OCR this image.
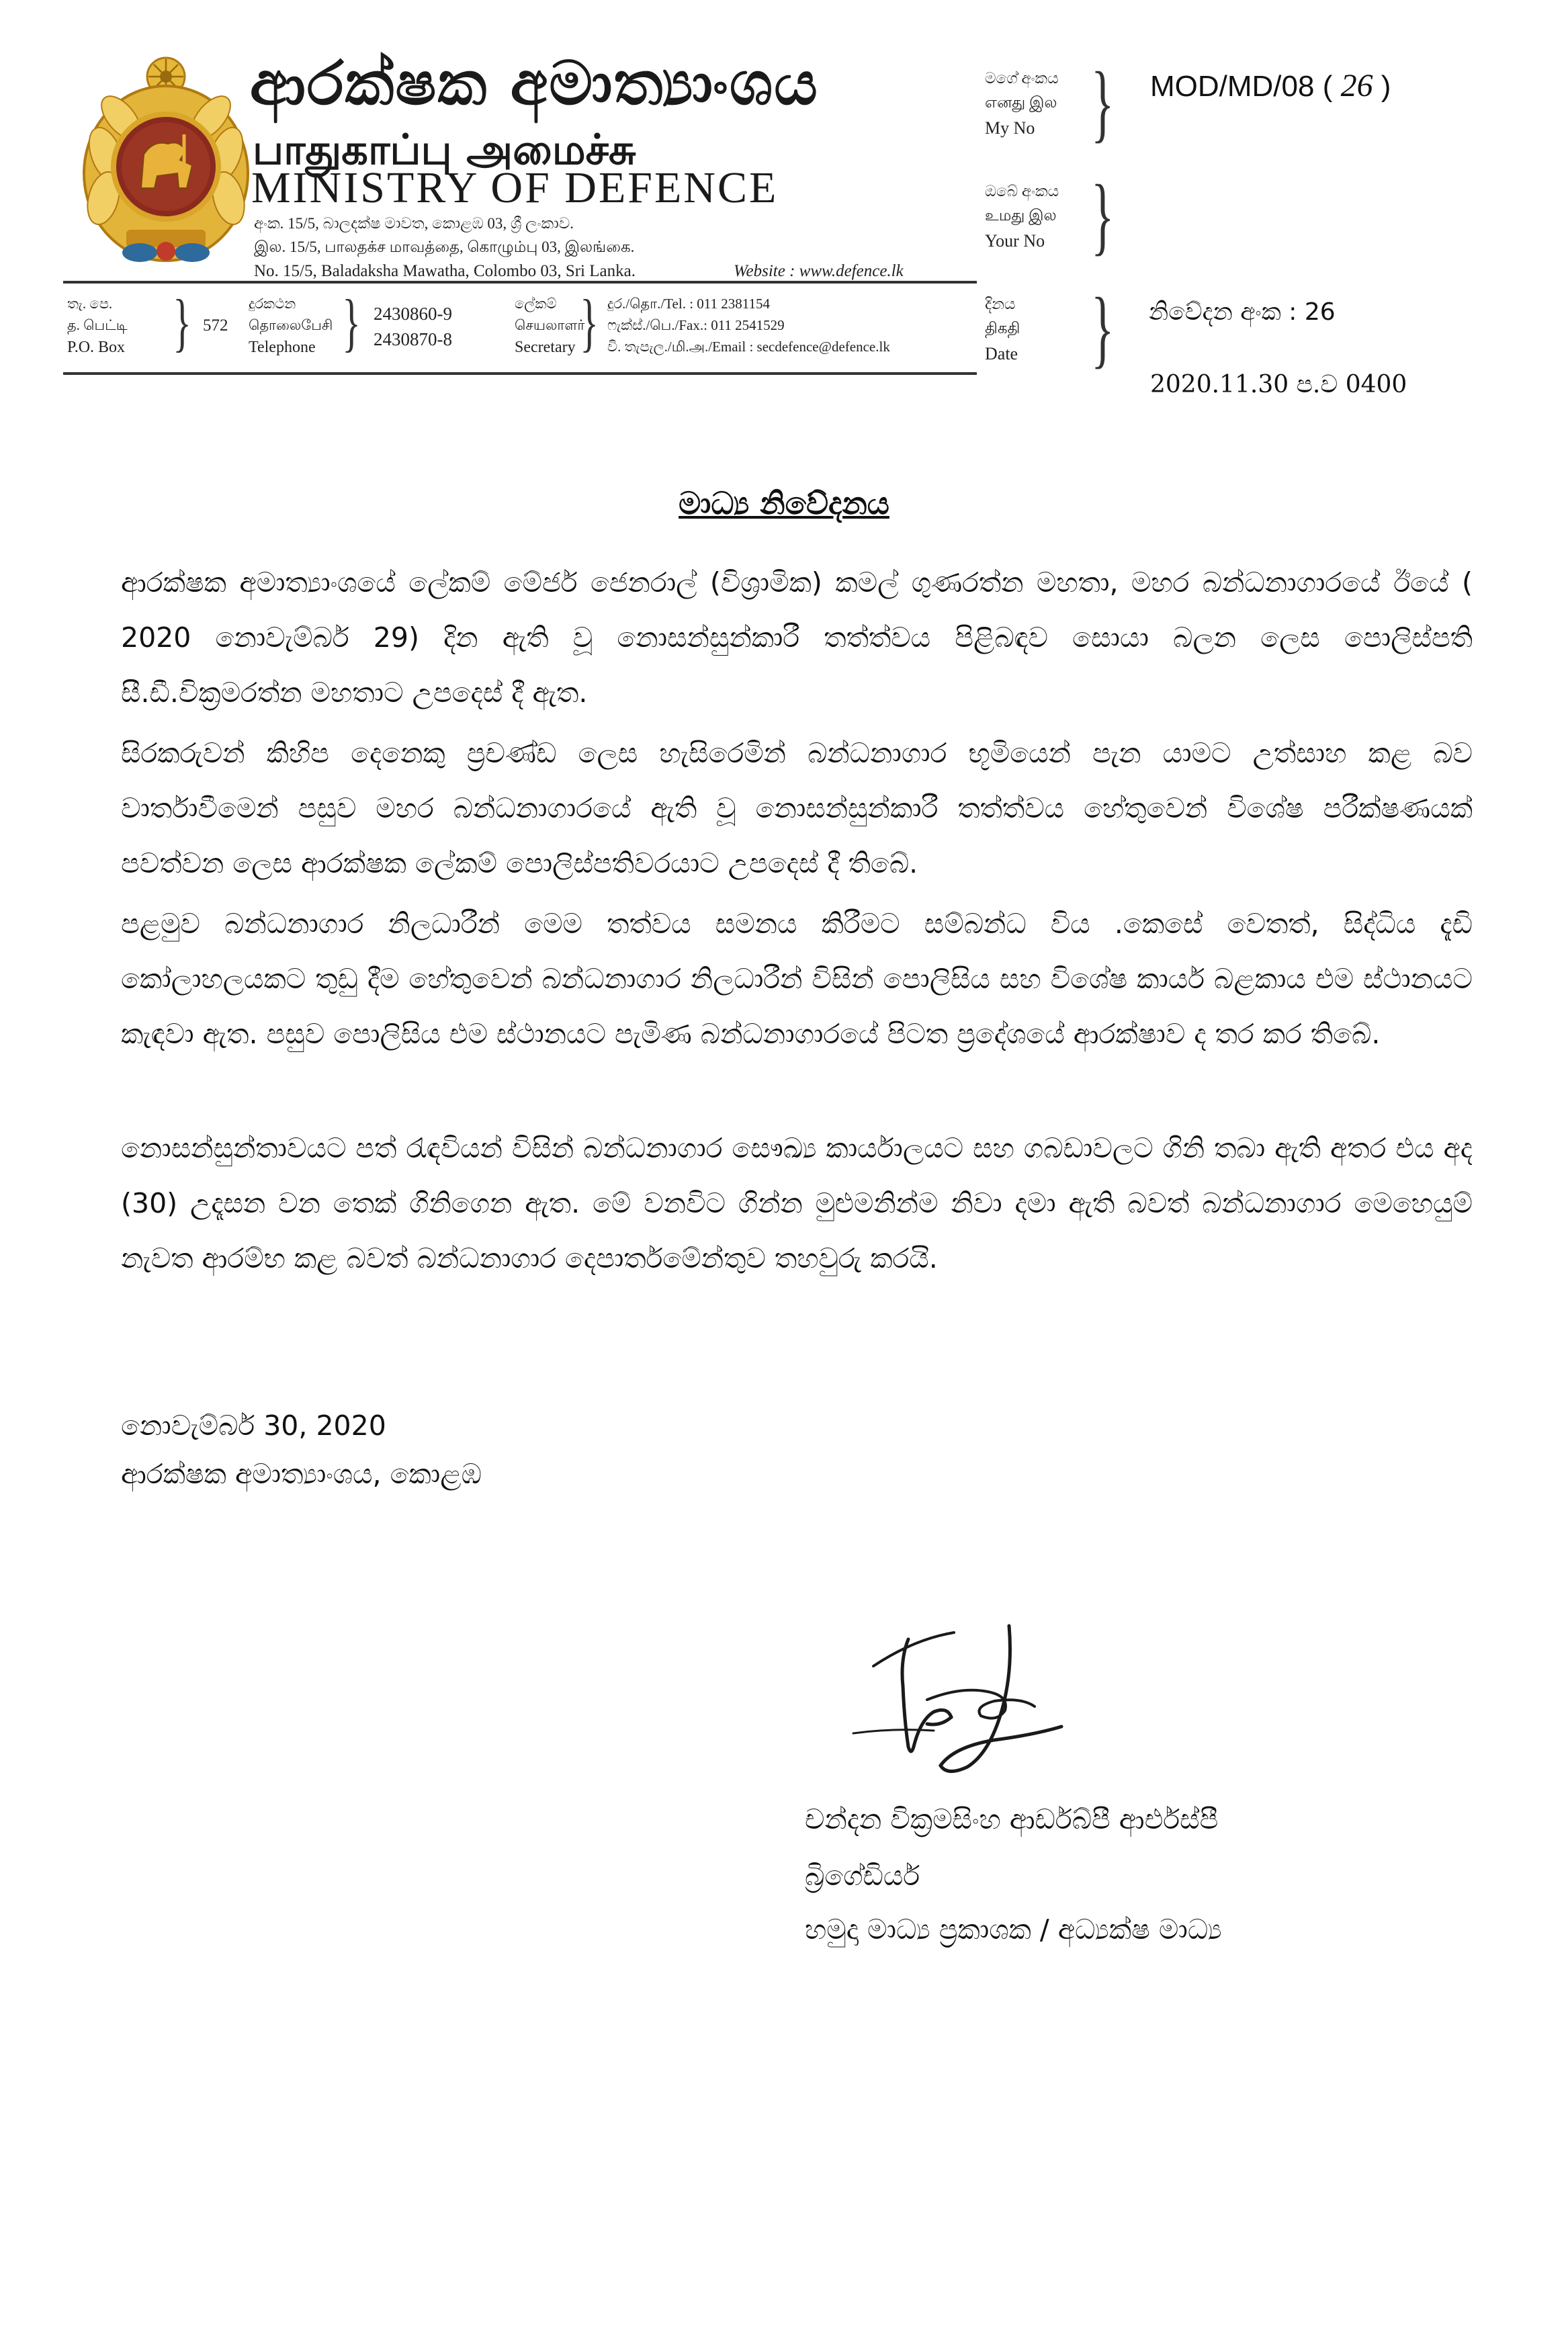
ආරක්ෂක අමාත්‍යාංශය
பாதுகாப்பு அமைச்சு
MINISTRY OF DEFENCE
අංක. 15/5, බාලදක්ෂ මාවත, කොළඹ 03, ශ්‍රී ලංකාව.
இல. 15/5, பாலதக்ச மாவத்தை, கொழும்பு 03, இலங்கை.
No. 15/5, Baladaksha Mawatha, Colombo 03, Sri Lanka.	Website : www.defence.lk
තැ. පෙ.
த. பெட்டி
P.O. Box } 572
දුරකථන
தொலைபேசி
Telephone } 2430860-9
2430870-8
ලේකම්
செயலாளர்
Secretary } දුර./தொ./Tel. : 011 2381154
ෆැක්ස්./பெ./Fax.: 011 2541529
වි. තැපැල./மி.அ./Email : secdefence@defence.lk
මගේ අංකය
எனது இல
My No }
ඔබේ අංකය
உமது இல
Your No }
දිනය
திகதி
Date }
MOD/MD/08 ( 26 )
නිවේදන අංක : 26
2020.11.30 ප.ව 0400
මාධ්‍ය නිවේදනය

ආරක්ෂක අමාත්‍යාංශයේ ලේකම් මේජර් ජෙනරාල් (විශ්‍රාමික) කමල් ගුණරත්න මහතා, මහර බන්ධනාගාරයේ ඊයේ ( 2020 නොවැම්බර් 29) දින ඇති වූ නොසන්සුන්කාරී තත්ත්වය පිළිබඳව සොයා බලන ලෙස පොලිස්පති සී.ඩී.වික්‍රමරත්න මහතාට උපදෙස් දී ඇත.

සිරකරුවන් කිහිප දෙනෙකු ප්‍රචණ්ඩ ලෙස හැසිරෙමින් බන්ධනාගාර භූමියෙන් පැන යාමට උත්සාහ කළ බව වාර්තාවීමෙන් පසුව මහර බන්ධනාගාරයේ ඇති වූ නොසන්සුන්කාරී තත්ත්වය හේතුවෙන් විශේෂ පරීක්ෂණයක් පවත්වන ලෙස ආරක්ෂක ලේකම් පොලිස්පතිවරයාට උපදෙස් දී තිබේ.

පළමුව බන්ධනාගාර නිලධාරීන් මෙම තත්වය සමනය කිරීමට සම්බන්ධ විය .කෙසේ වෙතත්, සිද්ධිය දැඩි කෝලාහලයකට තුඩු දීම හේතුවෙන් බන්ධනාගාර නිලධාරීන් විසින් පොලිසිය සහ විශේෂ කාර්ය බළකාය එම ස්ථානයට කැඳවා ඇත. පසුව පොලිසිය එම ස්ථානයට පැමිණ බන්ධනාගාරයේ පිටත ප්‍රදේශයේ ආරක්ෂාව ද තර කර තිබේ.

නොසන්සුන්තාවයට පත් රැඳවියන් විසින් බන්ධනාගාර සෞඛ්‍ය කාර්යාලයට සහ ගබඩාවලට ගිනි තබා ඇති අතර එය අද (30) උදෑසන වන තෙක් ගිනිගෙන ඇත. මේ වනවිට ගින්න මුළුමනින්ම නිවා දමා ඇති බවත් බන්ධනාගාර මෙහෙයුම් නැවත ආරම්භ කළ බවත් බන්ධනාගාර දෙපාර්තමේන්තුව තහවුරු කරයි.

නොවැම්බර් 30, 2020
ආරක්ෂක අමාත්‍යාංශය, කොළඹ
චන්දන වික්‍රමසිංහ ආර්ඩබ්පී ආර්එස්පී
බ්‍රිගේඩියර්
හමුදා මාධ්‍ය ප්‍රකාශක / අධ්‍යක්ෂ මාධ්‍ය
